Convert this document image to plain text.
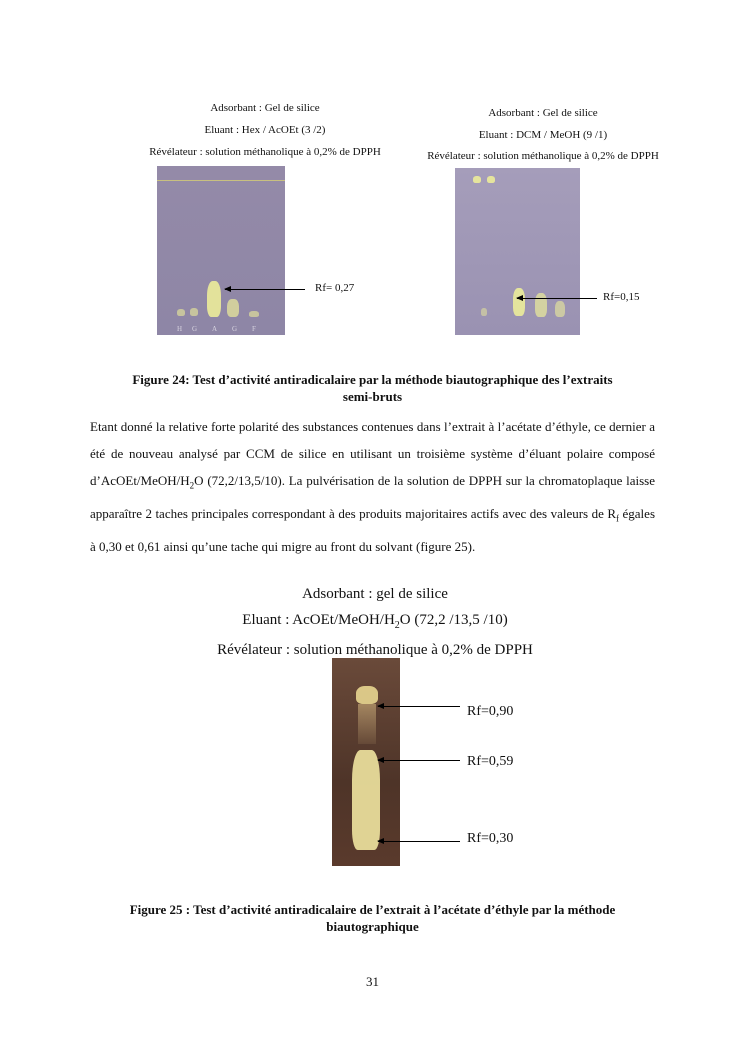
Adsorbant : Gel de silice
Eluant : Hex / AcOEt (3 /2)
Révélateur : solution méthanolique à 0,2% de DPPH
H G A G F
Rf= 0,27
Adsorbant : Gel de silice
Eluant : DCM / MeOH (9 /1)
Révélateur : solution méthanolique à 0,2% de DPPH
Rf=0,15
Figure 24: Test d’activité antiradicalaire par la méthode biautographique des l’extraits
semi-bruts
Etant donné la relative forte polarité des substances contenues dans l’extrait à l’acétate d’éthyle, ce dernier a été de nouveau analysé par CCM de silice en utilisant un troisième système d’éluant polaire composé $d’AcOEt/MeOH/H_2O$ (72,2/13,5/10). La pulvérisation de la solution de DPPH sur la chromatoplaque laisse apparaître 2 taches principales correspondant à des produits majoritaires actifs avec des valeurs de $R_f$ égales à 0,30 et 0,61 ainsi qu’une tache qui migre au front du solvant (figure 25).
Adsorbant : gel de silice
Eluant : AcOEt/$MeOH/H_2O$ (72,2 /13,5 /10)
Révélateur : solution méthanolique à 0,2% de DPPH
Rf=0,90
Rf=0,59
Rf=0,30
Figure 25 : Test d’activité antiradicalaire de l’extrait à l’acétate d’éthyle par la méthode
biautographique
31
